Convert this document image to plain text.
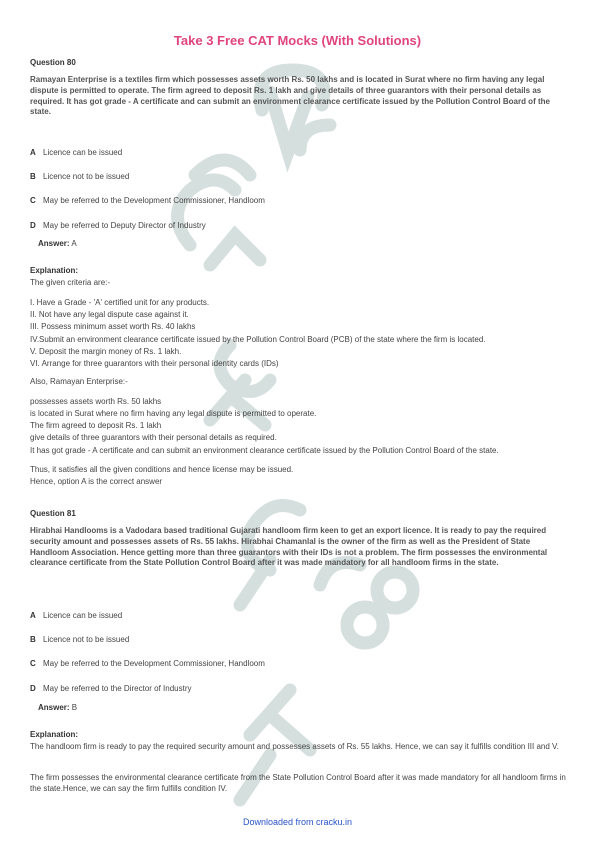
Take 3 Free CAT Mocks (With Solutions)
Question 80
Ramayan Enterprise is a textiles firm which possesses assets worth Rs. 50 lakhs and is located in Surat where no firm having any legal dispute is permitted to operate. The firm agreed to deposit Rs. 1 lakh and give details of three guarantors with their personal details as required. It has got grade - A certificate and can submit an environment clearance certificate issued by the Pollution Control Board of the state.
A Licence can be issued
B Licence not to be issued
C May be referred to the Development Commissioner, Handloom
D May be referred to Deputy Director of Industry
Answer: A
Explanation:
The given criteria are:-
I. Have a Grade - 'A' certified unit for any products.
II. Not have any legal dispute case against it.
III. Possess minimum asset worth Rs. 40 lakhs
IV.Submit an environment clearance certificate issued by the Pollution Control Board (PCB) of the state where the firm is located.
V. Deposit the margin money of Rs. 1 lakh.
VI. Arrange for three guarantors with their personal identity cards (IDs)
Also, Ramayan Enterprise:-
possesses assets worth Rs. 50 lakhs
is located in Surat where no firm having any legal dispute is permitted to operate.
The firm agreed to deposit Rs. 1 lakh
give details of three guarantors with their personal details as required.
It has got grade - A certificate and can submit an environment clearance certificate issued by the Pollution Control Board of the state.
Thus, it satisfies all the given conditions and hence license may be issued.
Hence, option A is the correct answer
Question 81
Hirabhai Handlooms is a Vadodara based traditional Gujarati handloom firm keen to get an export licence. It is ready to pay the required security amount and possesses assets of Rs. 55 lakhs. Hirabhai Chamanlal is the owner of the firm as well as the President of State Handloom Association. Hence getting more than three guarantors with their IDs is not a problem. The firm possesses the environmental clearance certificate from the State Pollution Control Board after it was made mandatory for all handloom firms in the state.
A Licence can be issued
B Licence not to be issued
C May be referred to the Development Commissioner, Handloom
D May be referred to the Director of Industry
Answer: B
Explanation:
The handloom firm is ready to pay the required security amount and possesses assets of Rs. 55 lakhs. Hence, we can say it fulfills condition III and V.
The firm possesses the environmental clearance certificate from the State Pollution Control Board after it was made mandatory for all handloom firms in the state.Hence, we can say the firm fulfills condition IV.
Downloaded from cracku.in
